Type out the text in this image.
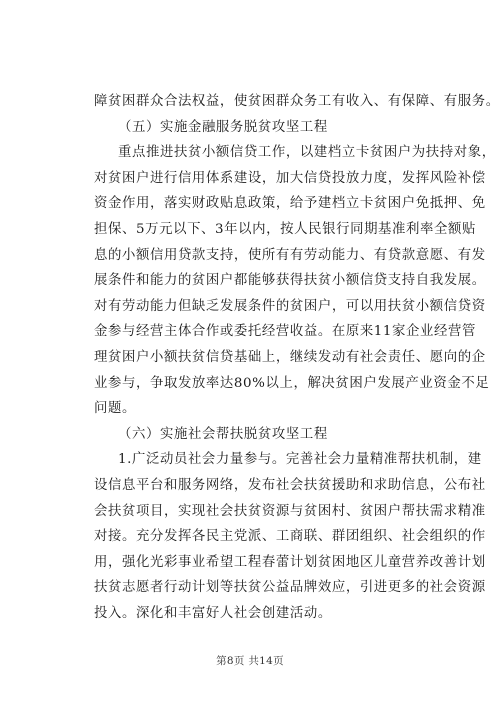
障贫困群众合法权益，使贫困群众务工有收入、有保障、有服务。
（五）实施金融服务脱贫攻坚工程
重点推进扶贫小额信贷工作，以建档立卡贫困户为扶持对象，
对贫困户进行信用体系建设，加大信贷投放力度，发挥风险补偿
资金作用，落实财政贴息政策，给予建档立卡贫困户免抵押、免
担保、5万元以下、3年以内，按人民银行同期基准利率全额贴
息的小额信用贷款支持，使所有有劳动能力、有贷款意愿、有发
展条件和能力的贫困户都能够获得扶贫小额信贷支持自我发展。
对有劳动能力但缺乏发展条件的贫困户，可以用扶贫小额信贷资
金参与经营主体合作或委托经营收益。在原来11家企业经营管
理贫困户小额扶贫信贷基础上，继续发动有社会责任、愿向的企
业参与，争取发放率达80%以上，解决贫困户发展产业资金不足
问题。
（六）实施社会帮扶脱贫攻坚工程
1.广泛动员社会力量参与。完善社会力量精准帮扶机制，建
设信息平台和服务网络，发布社会扶贫援助和求助信息，公布社
会扶贫项目，实现社会扶贫资源与贫困村、贫困户帮扶需求精准
对接。充分发挥各民主党派、工商联、群团组织、社会组织的作
用，强化光彩事业希望工程春蕾计划贫困地区儿童营养改善计划
扶贫志愿者行动计划等扶贫公益品牌效应，引进更多的社会资源
投入。深化和丰富好人社会创建活动。
第8页 共14页
